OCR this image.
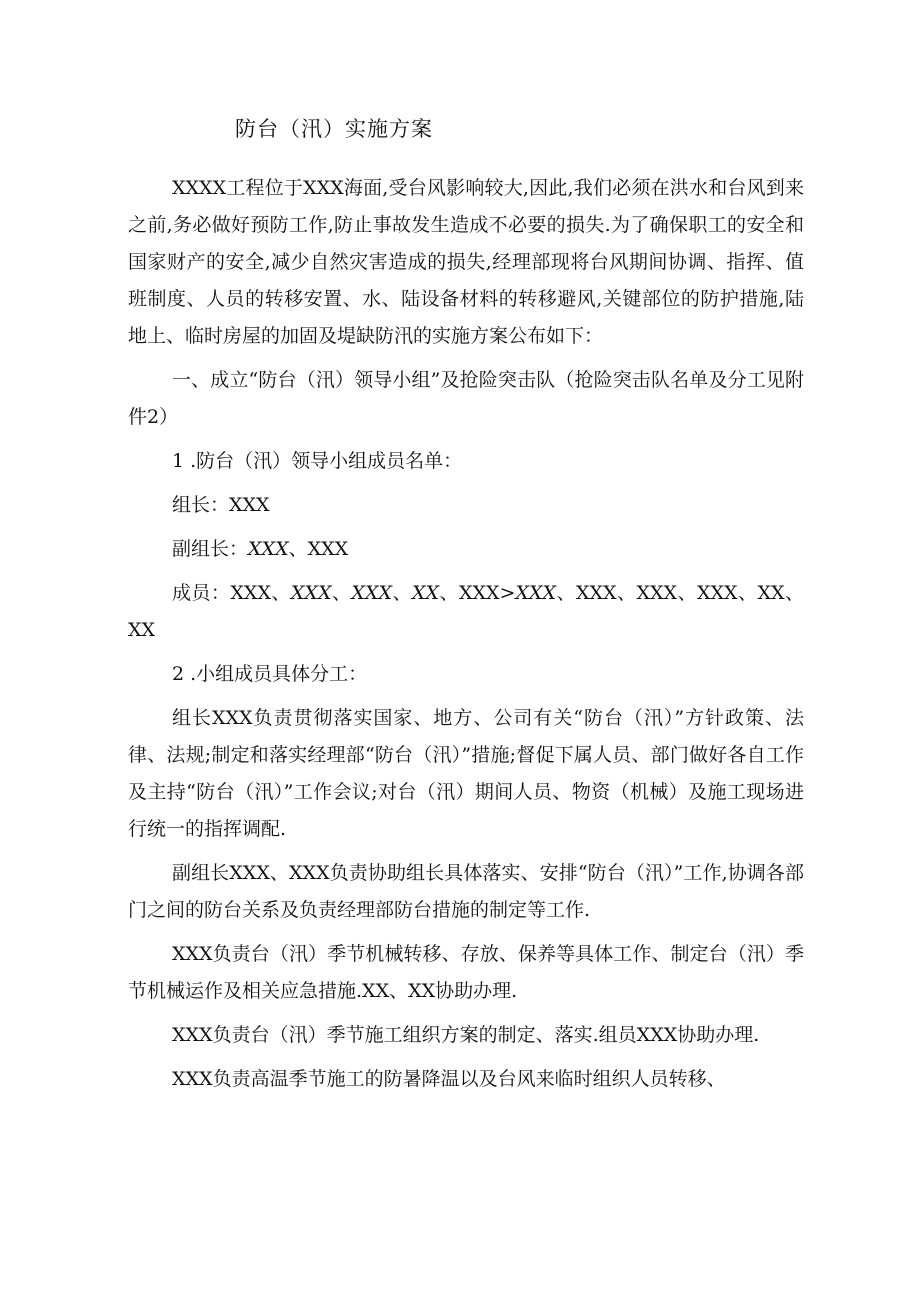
防台（汛）实施方案

XXXX工程位于XXX海面,受台风影响较大,因此,我们必须在洪水和台风到来之前,务必做好预防工作,防止事故发生造成不必要的损失.为了确保职工的安全和国家财产的安全,减少自然灾害造成的损失,经理部现将台风期间协调、指挥、值班制度、人员的转移安置、水、陆设备材料的转移避风,关键部位的防护措施,陆地上、临时房屋的加固及堤缺防汛的实施方案公布如下：

一、成立“防台（汛）领导小组”及抢险突击队（抢险突击队名单及分工见附件2）

1 .防台（汛）领导小组成员名单：

组长：XXX

副组长：XXX、XXX

成员：XXX、XXX、XXX、XX、XXX>XXX、XXX、XXX、XXX、XX、XX

2 .小组成员具体分工：

组长XXX负责贯彻落实国家、地方、公司有关“防台（汛）”方针政策、法律、法规;制定和落实经理部“防台（汛）”措施;督促下属人员、部门做好各自工作及主持“防台（汛）”工作会议;对台（汛）期间人员、物资（机械）及施工现场进行统一的指挥调配.

副组长XXX、XXX负责协助组长具体落实、安排“防台（汛）”工作,协调各部门之间的防台关系及负责经理部防台措施的制定等工作.

XXX负责台（汛）季节机械转移、存放、保养等具体工作、制定台（汛）季节机械运作及相关应急措施.XX、XX协助办理.

XXX负责台（汛）季节施工组织方案的制定、落实.组员XXX协助办理.

XXX负责高温季节施工的防暑降温以及台风来临时组织人员转移、
